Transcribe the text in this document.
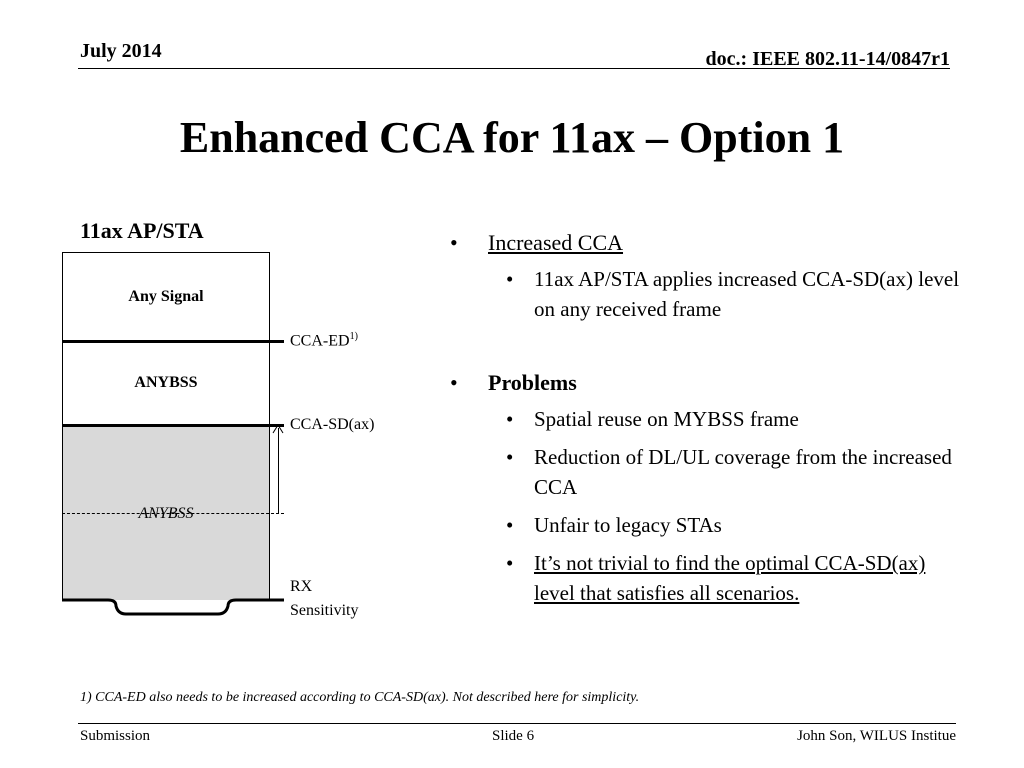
July 2014	doc.: IEEE 802.11-14/0847r1
Enhanced CCA for 11ax – Option 1
11ax AP/STA
Any Signal
ANYBSS
ANYBSS
CCA-ED$^{1)}$
CCA-SD(ax)
RX
Sensitivity
• Increased CCA
• 11ax AP/STA applies increased CCA-SD(ax) level on any received frame
• Problems
• Spatial reuse on MYBSS frame
• Reduction of DL/UL coverage from the increased CCA
• Unfair to legacy STAs
• It’s not trivial to find the optimal CCA-SD(ax) level that satisfies all scenarios.
1) CCA-ED also needs to be increased according to CCA-SD(ax). Not described here for simplicity.
Submission	Slide 6	John Son, WILUS Institue
